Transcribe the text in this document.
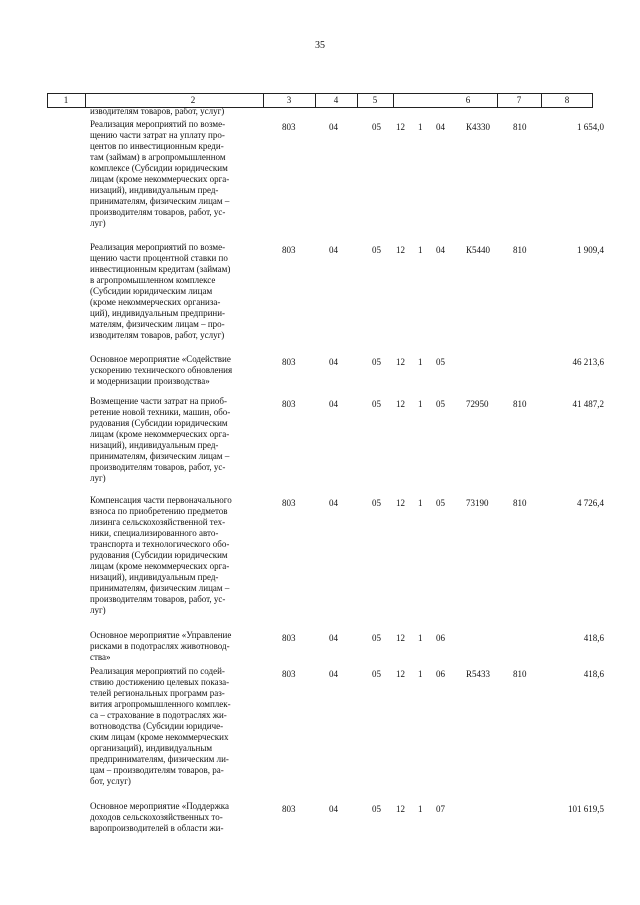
35
1	2	3	4	5	6	7	8
изводителям товаров, работ, услуг)
Реализация мероприятий по возме-
щению части затрат на уплату про-
центов по инвестиционным креди-
там (займам) в агропромышленном
комплексе (Субсидии юридическим
лицам (кроме некоммерческих орга-
низаций), индивидуальным пред-
принимателям, физическим лицам –
производителям товаров, работ, ус-
луг)
803	04	05 12 1 04 К4330	810	1 654,0
Реализация мероприятий по возме-
щению части процентной ставки по
инвестиционным кредитам (займам)
в агропромышленном комплексе
(Субсидии юридическим лицам
(кроме некоммерческих организа-
ций), индивидуальным предприни-
мателям, физическим лицам – про-
изводителям товаров, работ, услуг)
803	04	05 12 1 04 К5440	810	1 909,4
Основное мероприятие «Содействие
ускорению технического обновления
и модернизации производства»
803	04	05 12 1 05	46 213,6
Возмещение части затрат на приоб-
ретение новой техники, машин, обо-
рудования (Субсидии юридическим
лицам (кроме некоммерческих орга-
низаций), индивидуальным пред-
принимателям, физическим лицам –
производителям товаров, работ, ус-
луг)
803	04	05 12 1 05 72950	810	41 487,2
Компенсация части первоначального
взноса по приобретению предметов
лизинга сельскохозяйственной тех-
ники, специализированного авто-
транспорта и технологического обо-
рудования (Субсидии юридическим
лицам (кроме некоммерческих орга-
низаций), индивидуальным пред-
принимателям, физическим лицам –
производителям товаров, работ, ус-
луг)
803	04	05 12 1 05 73190	810	4 726,4
Основное мероприятие «Управление
рисками в подотраслях животновод-
ства»
803	04	05 12 1 06	418,6
Реализация мероприятий по содей-
ствию достижению целевых показа-
телей региональных программ раз-
вития агропромышленного комплек-
са – страхование в подотраслях жи-
вотноводства (Субсидии юридиче-
ским лицам (кроме некоммерческих
организаций), индивидуальным
предпринимателям, физическим ли-
цам – производителям товаров, ра-
бот, услуг)
803	04	05 12 1 06 R5433	810	418,6
Основное мероприятие «Поддержка
доходов сельскохозяйственных то-
варопроизводителей в области жи-
803	04	05 12 1 07	101 619,5
